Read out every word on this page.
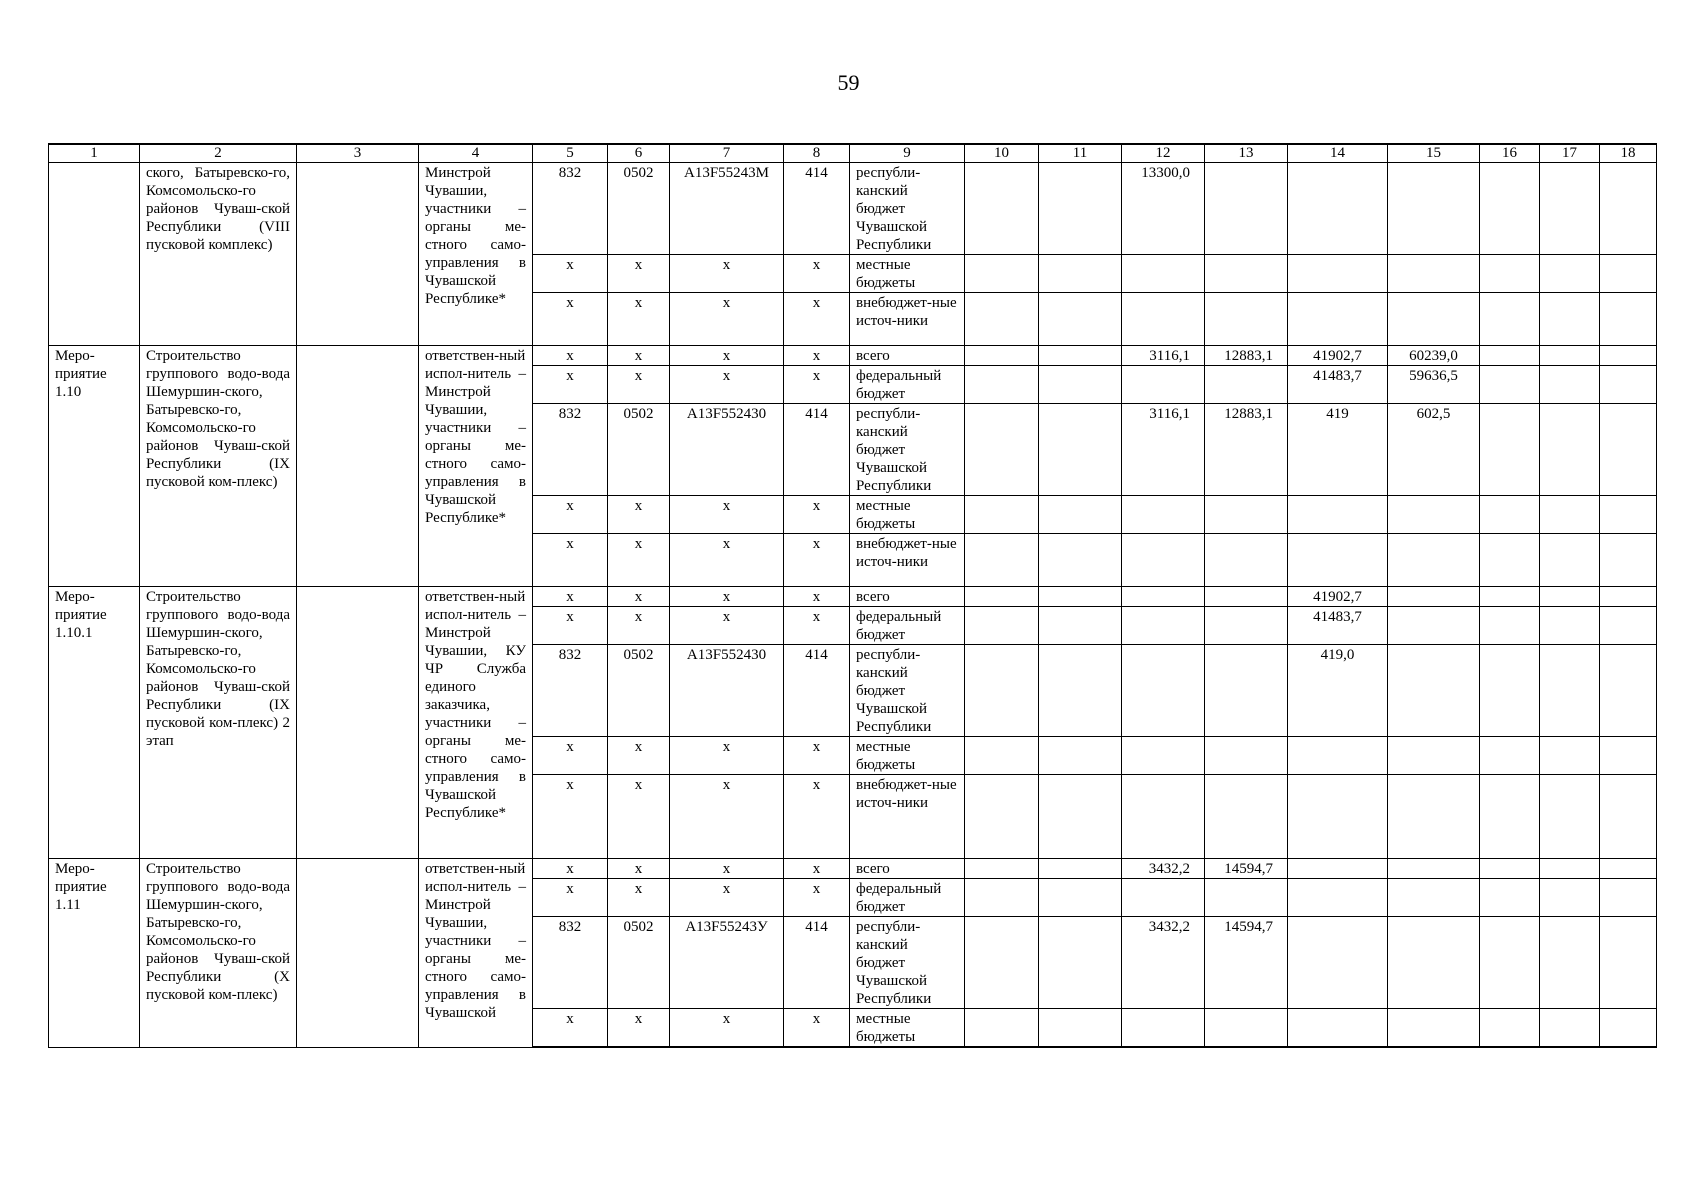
59
1	2	3	4	5	6	7	8	9	10	11	12	13	14	15	16	17	18
	ского, Батыревско-го, Комсомольско-го районов Чуваш-ской Республики (VIII пусковой комплекс)		Минстрой Чувашии, участники – органы ме-стного само-управления в Чувашской Республике*	832	0502	А13F55243М	414	республи-канский бюджет Чувашской Республики			13300,0						
				х	х	х	х	местные бюджеты									
				х	х	х	х	внебюджет-ные источ-ники									
Меро-приятие 1.10	Строительство группового водо-вода Шемуршин-ского, Батыревско-го, Комсомольско-го районов Чуваш-ской Республики (IX пусковой ком-плекс)		ответствен-ный испол-нитель – Минстрой Чувашии, участники – органы ме-стного само-управления в Чувашской Республике*	х	х	х	х	всего			3116,1	12883,1	41902,7	60239,0			
				х	х	х	х	федеральный бюджет					41483,7	59636,5			
				832	0502	А13F552430	414	республи-канский бюджет Чувашской Республики			3116,1	12883,1	419	602,5			
				х	х	х	х	местные бюджеты									
				х	х	х	х	внебюджет-ные источ-ники									
Меро-приятие 1.10.1	Строительство группового водо-вода Шемуршин-ского, Батыревско-го, Комсомольско-го районов Чуваш-ской Республики (IX пусковой ком-плекс) 2 этап		ответствен-ный испол-нитель – Минстрой Чувашии, КУ ЧР Служба единого заказчика, участники – органы ме-стного само-управления в Чувашской Республике*	х	х	х	х	всего					41902,7				
				х	х	х	х	федеральный бюджет					41483,7				
				832	0502	А13F552430	414	республи-канский бюджет Чувашской Республики					419,0				
				х	х	х	х	местные бюджеты									
				х	х	х	х	внебюджет-ные источ-ники									
Меро-приятие 1.11	Строительство группового водо-вода Шемуршин-ского, Батыревско-го, Комсомольско-го районов Чуваш-ской Республики (Х пусковой ком-плекс)		ответствен-ный испол-нитель – Минстрой Чувашии, участники – органы ме-стного само-управления в Чувашской	х	х	х	х	всего			3432,2	14594,7					
				х	х	х	х	федеральный бюджет									
				832	0502	А13F55243У	414	республи-канский бюджет Чувашской Республики			3432,2	14594,7					
				х	х	х	х	местные бюджеты									
